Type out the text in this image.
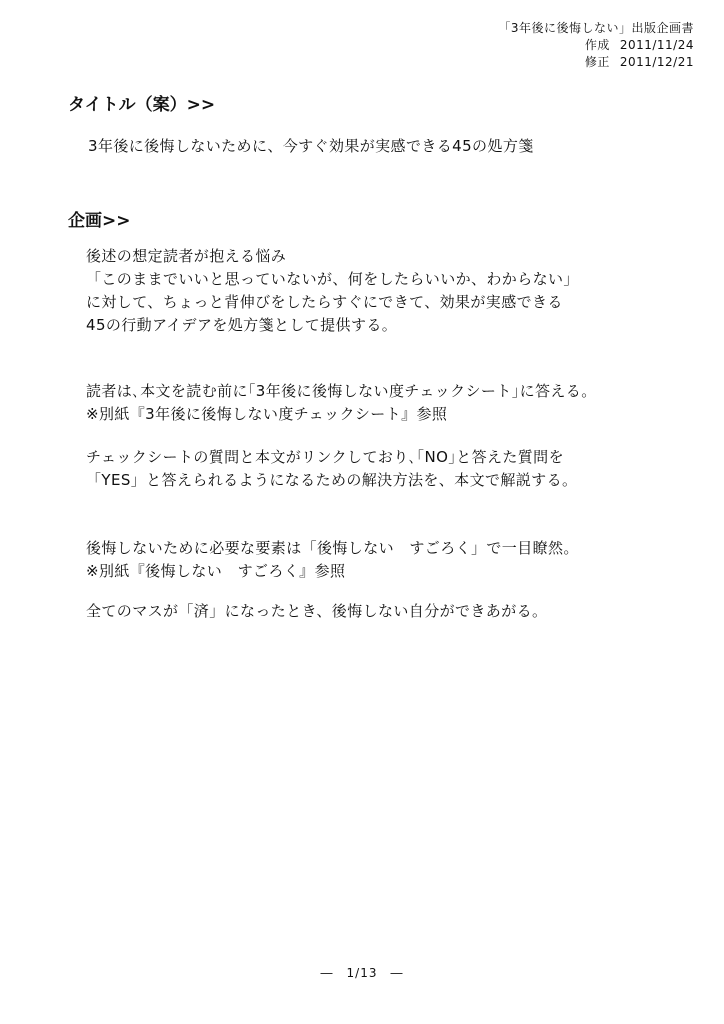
「3年後に後悔しない」出版企画書
作成 2011/11/24
修正 2011/12/21
タイトル（案）>>
3年後に後悔しないために、今すぐ効果が実感できる45の処方箋
企画>>
後述の想定読者が抱える悩み
「このままでいいと思っていないが、何をしたらいいか、わからない」
に対して、ちょっと背伸びをしたらすぐにできて、効果が実感できる
45の行動アイデアを処方箋として提供する。
読者は､本文を読む前に｢3年後に後悔しない度チェックシート｣に答える。
※別紙『3年後に後悔しない度チェックシート』参照
チェックシートの質問と本文がリンクしており､｢NO｣と答えた質問を
「YES」と答えられるようになるための解決方法を、本文で解説する。
後悔しないために必要な要素は「後悔しない　すごろく」で一目瞭然。
※別紙『後悔しない　すごろく』参照
全てのマスが「済」になったとき、後悔しない自分ができあがる。
―　1/13　―
